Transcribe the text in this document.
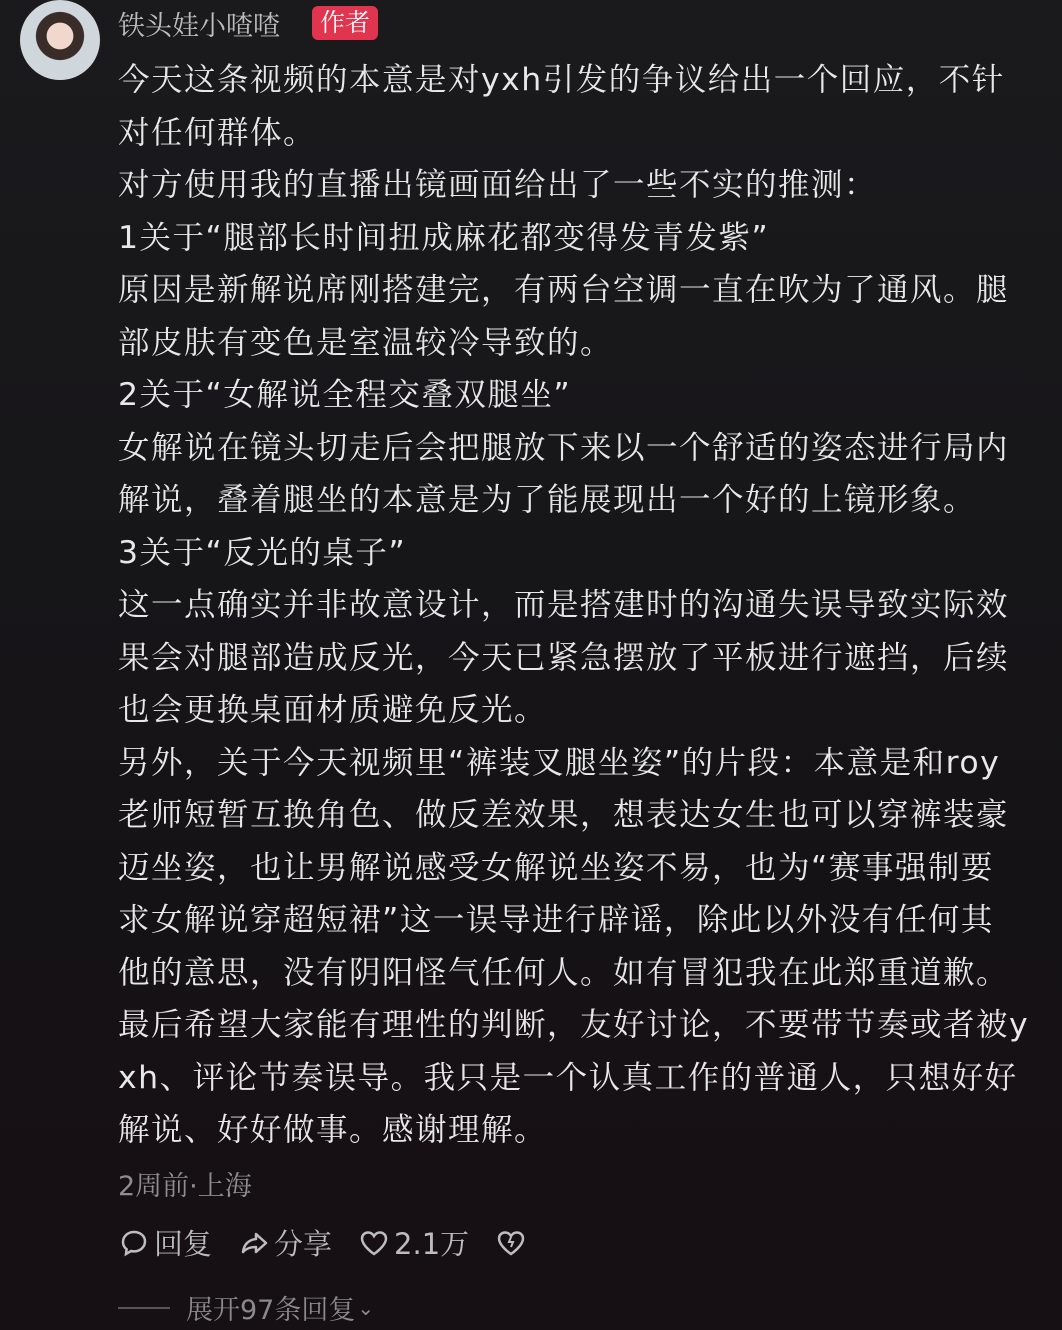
铁头娃小喳喳	作者
今天这条视频的本意是对yxh引发的争议给出一个回应，不针
对任何群体。
对方使用我的直播出镜画面给出了一些不实的推测：
1关于“腿部长时间扭成麻花都变得发青发紫”
原因是新解说席刚搭建完，有两台空调一直在吹为了通风。腿
部皮肤有变色是室温较冷导致的。
2关于“女解说全程交叠双腿坐”
女解说在镜头切走后会把腿放下来以一个舒适的姿态进行局内
解说，叠着腿坐的本意是为了能展现出一个好的上镜形象。
3关于“反光的桌子”
这一点确实并非故意设计，而是搭建时的沟通失误导致实际效
果会对腿部造成反光，今天已紧急摆放了平板进行遮挡，后续
也会更换桌面材质避免反光。
另外，关于今天视频里“裤装叉腿坐姿”的片段：本意是和roy
老师短暂互换角色、做反差效果，想表达女生也可以穿裤装豪
迈坐姿，也让男解说感受女解说坐姿不易，也为“赛事强制要
求女解说穿超短裙”这一误导进行辟谣，除此以外没有任何其
他的意思，没有阴阳怪气任何人。如有冒犯我在此郑重道歉。
最后希望大家能有理性的判断，友好讨论，不要带节奏或者被y
xh、评论节奏误导。我只是一个认真工作的普通人，只想好好
解说、好好做事。感谢理解。
2周前·上海
回复 分享 2.1万
展开97条回复 ⌄
